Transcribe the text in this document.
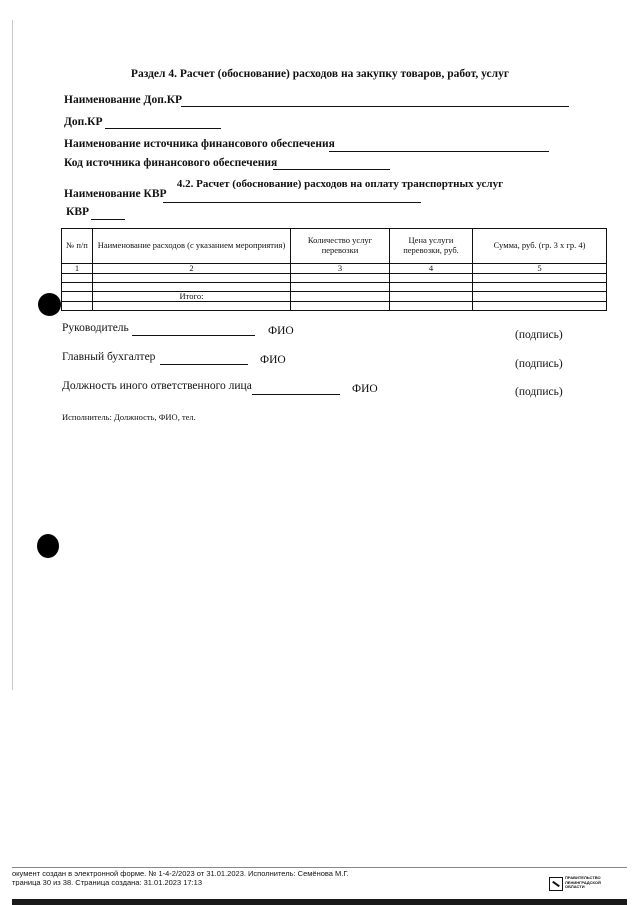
Раздел 4. Расчет (обоснование) расходов на закупку товаров, работ, услуг
Наименование Доп.КР
Доп.КР
Наименование источника финансового обеспечения
Код источника финансового обеспечения
4.2. Расчет (обоснование) расходов на оплату транспортных услуг
Наименование КВР
КВР
№ п/п	Наименование расходов (с указанием мероприятия)	Количество услуг перевозки	Цена услуги перевозки, руб.	Сумма, руб. (гр. 3 х гр. 4)
1	2	3	4	5

	Итого:			

Руководитель	ФИО	(подпись)
Главный бухгалтер	ФИО	(подпись)
Должность иного ответственного лица	ФИО	(подпись)
Исполнитель: Должность, ФИО, тел.
окумент создан в электронной форме. № 1-4-2/2023 от 31.01.2023. Исполнитель: Семёнова М.Г.
траница 30 из 38. Страница создана: 31.01.2023 17:13
ПРАВИТЕЛЬСТВО ЛЕНИНГРАДСКОЙ ОБЛАСТИ
